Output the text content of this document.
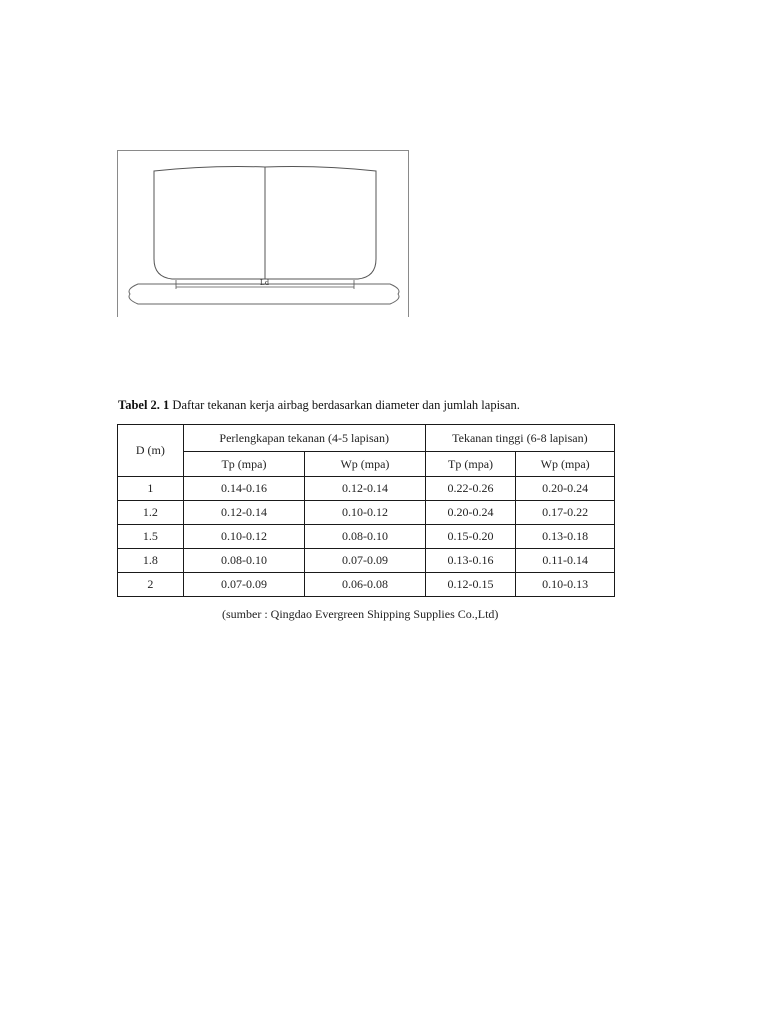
Ld
Tabel 2. 1 Daftar tekanan kerja airbag berdasarkan diameter dan jumlah lapisan.
D (m)	Perlengkapan tekanan (4-5 lapisan)		Tekanan tinggi (6-8 lapisan)	
	Tp (mpa)	Wp (mpa)	Tp (mpa)	Wp (mpa)
1	0.14-0.16	0.12-0.14	0.22-0.26	0.20-0.24
1.2	0.12-0.14	0.10-0.12	0.20-0.24	0.17-0.22
1.5	0.10-0.12	0.08-0.10	0.15-0.20	0.13-0.18
1.8	0.08-0.10	0.07-0.09	0.13-0.16	0.11-0.14
2	0.07-0.09	0.06-0.08	0.12-0.15	0.10-0.13
(sumber : Qingdao Evergreen Shipping Supplies Co.,Ltd)
